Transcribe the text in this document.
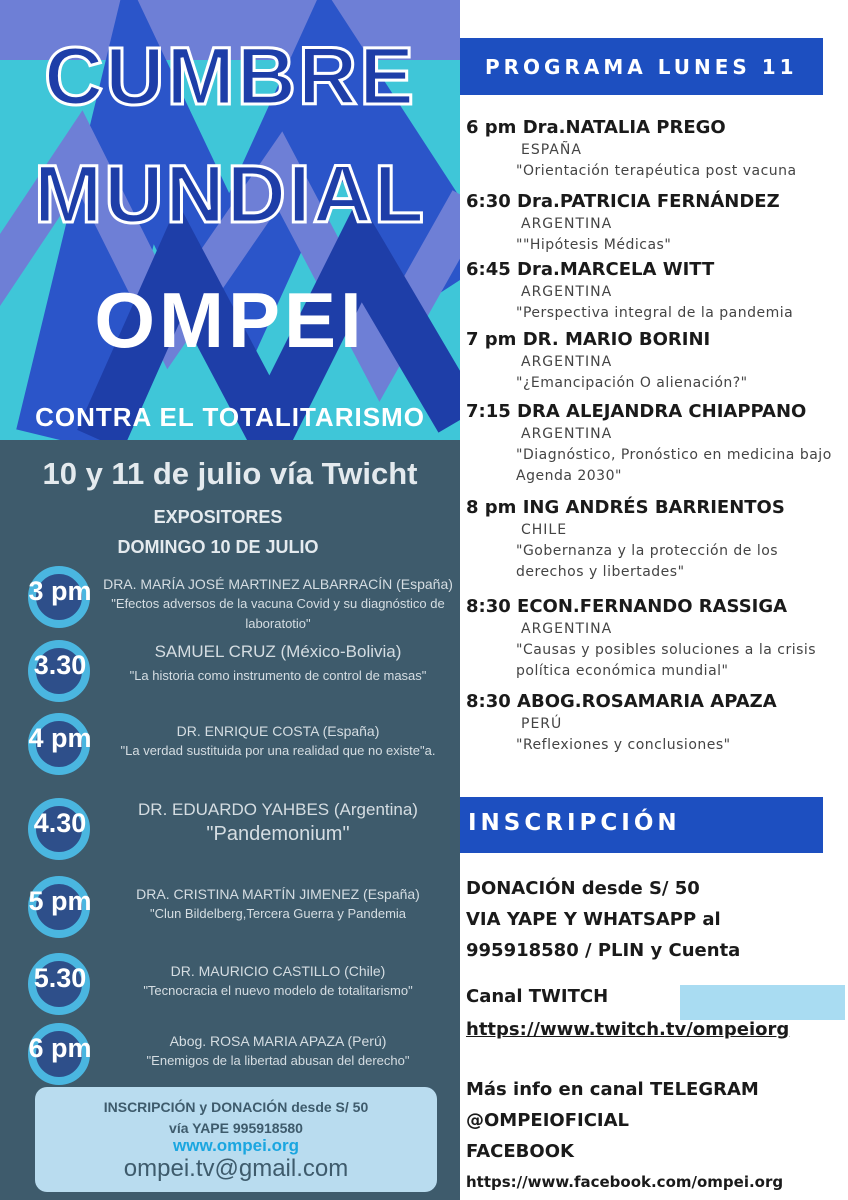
CUMBRE
MUNDIAL
OMPEI
CONTRA EL TOTALITARISMO
10 y 11 de julio vía Twicht
EXPOSITORES
DOMINGO 10 DE JULIO
3 pm DRA. MARÍA JOSÉ MARTINEZ ALBARRACÍN (España)
"Efectos adversos de la vacuna Covid y su diagnóstico de laboratotio"
3.30	SAMUEL CRUZ (México-Bolivia)
"La historia como instrumento de control de masas"
4 pm	DR. ENRIQUE COSTA (España)
"La verdad sustituida por una realidad que no existe"a.
4.30	DR. EDUARDO YAHBES (Argentina)
"Pandemonium"
5 pm	DRA. CRISTINA MARTÍN JIMENEZ (España)
"Clun Bildelberg,Tercera Guerra y Pandemia
5.30	DR. MAURICIO CASTILLO (Chile)
"Tecnocracia el nuevo modelo de totalitarismo"
6 pm	Abog. ROSA MARIA APAZA (Perú)
"Enemigos de la libertad abusan del derecho"
INSCRIPCIÓN y DONACIÓN desde S/ 50
vía YAPE 995918580
www.ompei.org
ompei.tv@gmail.com
PROGRAMA LUNES 11
6 pm Dra.NATALIA PREGO
ESPAÑA
"Orientación terapéutica post vacuna
6:30 Dra.PATRICIA FERNÁNDEZ
ARGENTINA
""Hipótesis Médicas"
6:45 Dra.MARCELA WITT
ARGENTINA
"Perspectiva integral de la pandemia
7 pm DR. MARIO BORINI
ARGENTINA
"¿Emancipación O alienación?"
7:15 DRA ALEJANDRA CHIAPPANO
ARGENTINA
"Diagnóstico, Pronóstico en medicina bajo Agenda 2030"
8 pm ING ANDRÉS BARRIENTOS
CHILE
"Gobernanza y la protección de los derechos y libertades"
8:30 ECON.FERNANDO RASSIGA
ARGENTINA
"Causas y posibles soluciones a la crisis política económica mundial"
8:30 ABOG.ROSAMARIA APAZA
PERÚ
"Reflexiones y conclusiones"
INSCRIPCIÓN
DONACIÓN desde S/ 50
VIA YAPE Y WHATSAPP al
995918580 / PLIN y Cuenta
Canal TWITCH
https://www.twitch.tv/ompeiorg
Más info en canal TELEGRAM
@OMPEIOFICIAL
FACEBOOK
https://www.facebook.com/ompei.org
